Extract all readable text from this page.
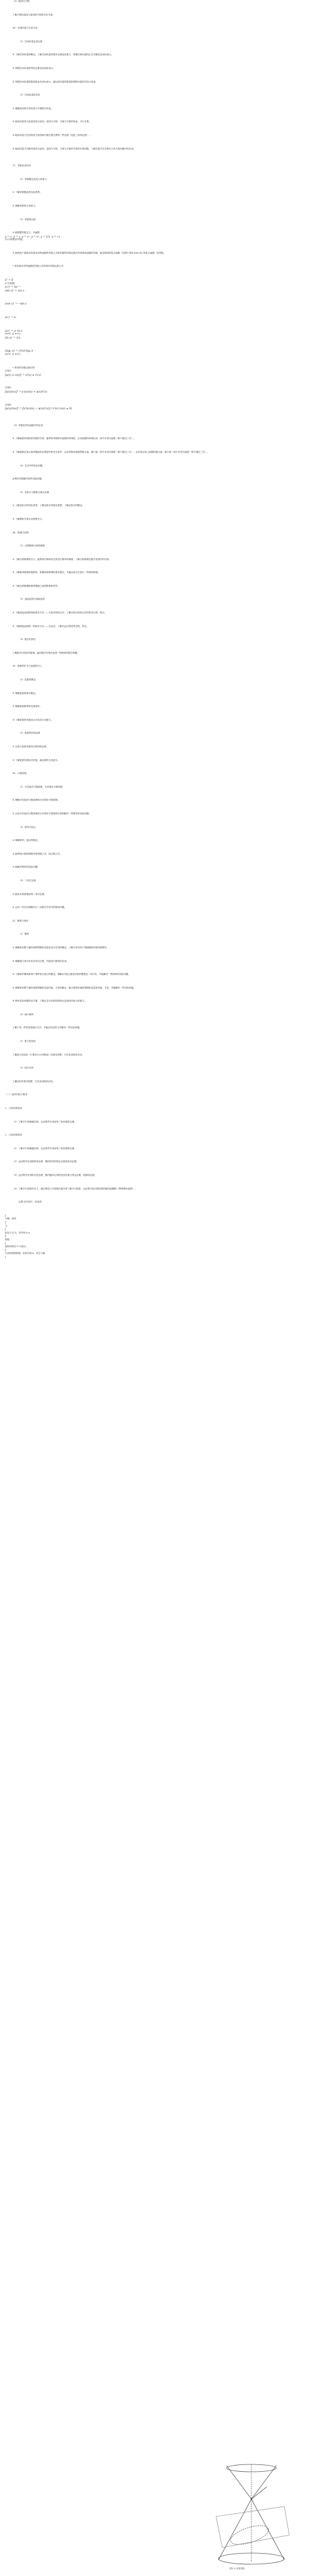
（2）曲线与方程

了解方程的曲线与曲线的方程的对应关系。

16、空间向量与立体几何

（1）空间向量及其运算

① 了解空间向量的概念，了解空间向量的基本定理及其意义，掌握空间向量的正交分解及其坐标表示。

② 掌握空间向量的线性运算及其坐标表示。

③ 掌握空间向量的数量积及其坐标表示，能运用向量的数量积判断向量的共线与垂直。

（2）空间向量的应用

① 理解直线的方向向量与平面的法向量。

② 能用向量语言表述直线与直线、直线与平面、平面与平面的垂直、平行关系。

③ 能用向量方法证明有关直线和平面位置关系的一些定理（包括三垂线定理）。

④ 能用向量方法解决直线与直线、直线与平面、平面与平面的夹角的计算问题，了解向量方法在研究立体几何问题中的应用。

17、导数及其应用

（1）导数概念及其几何意义

① 了解导数概念的实际背景。

② 理解导数的几何意义。

（2）导数的运算

① 能根据导数定义，求函数

y = c, y = x, y = x², y = x³, y = 1/x, y = √x

(1)为常数)的导数。

② 能利用下面给出的基本初等函数的导数公式和导数的四则运算法则求简单函数的导数，能求简单的复合函数（仅限于形如 f(ax+b) 的复合函数）的导数。

• 常见基本初等函数的导数公式和常用导数运算公式：

C' = 0

(C为常数)

(xⁿ)' = nxⁿ⁻¹

(sin x)' = cos x

(cos x)' = −sin x

(eˣ)' = eˣ

(aˣ)' = aˣ ln a

(a>0, 且 a≠1)

(ln x)' = 1/x

(logₐ x)' = (1/x)·logₐ e

(a>0, 且 a≠1)

• 常用的导数运算法则：

法则1:

[u(x) ± v(x)]' = u'(x) ± v'(x)

法则2:

[u(x)v(x)]' = u'(x)v(x) + u(x)v'(x)

法则3:

[u(x)/v(x)]' = [u'(x)v(x) − u(x)v'(x)] / v²(x) (v(x) ≠ 0)

（3）导数在研究函数中的应用

① 了解函数单调性和导数的关系；能利用导数研究函数的单调性，会求函数的单调区间（其中多项式函数一般不超过三次）。

② 了解函数在某点取得极值的必要条件和充分条件；会用导数求函数的极大值、极小值（其中多项式函数一般不超过三次）；会求闭区间上函数的最大值、最小值（其中多项式函数一般不超过三次）。

（4）生活中的优化问题。

会利用导数解决某些实际问题。

（5）定积分与微积分基本定理

① 了解定积分的实际背景，了解定积分的基本思想，了解定积分的概念。

② 了解微积分基本定理的含义。

18、推理与证明

（1）合情推理与演绎推理

① 了解合情推理的含义，能利用归纳和类比等进行简单的推理，了解合情推理在数学发现中的作用。

② 了解演绎推理的重要性，掌握演绎推理的基本模式，并能运用它们进行一些简单推理。

③ 了解合情推理和演绎推理之间的联系和差异。

（2）直接证明与间接证明

① 了解直接证明的两种基本方法——分析法和综合法；了解分析法和综合法的思考过程、特点。

② 了解间接证明的一种基本方法——反证法；了解反证法的思考过程、特点。

（3）数学归纳法

了解数学归纳法的原理，能用数学归纳法证明一些简单的数学命题。

19、数系的扩充与复数的引入

（1）复数的概念

① 理解复数的基本概念。

② 理解复数相等的充要条件。

③ 了解复数的代数表示法及其几何意义。

（2）复数的四则运算

① 会进行复数代数形式的四则运算。

② 了解复数代数形式的加、减运算的几何意义。

20、计数原理

（1）分类加法计数原理、分步乘法计数原理

① 理解分类加法计数原理和分步乘法计数原理。

② 会用分类加法计数原理或分步乘法计数原理分析和解决一些简单的实际问题。

（2）排列与组合

① 理解排列、组合的概念。

② 能利用计数原理推导排列数公式、组合数公式。

③ 能解决简单的实际问题。

（3）二项式定理

① 能用计数原理证明二项式定理。

② 会用二项式定理解决与二项展开式有关的简单问题。

21、概率与统计

（1）概率

① 理解取有限个值的离散型随机变量及其分布列的概念，了解分布列对于刻画随机现象的重要性。

② 理解超几何分布及其导出过程，并能进行简单的应用。

③ 了解条件概率和两个事件相互独立的概念，理解n次独立重复试验的模型及二项分布，并能解决一些简单的实际问题。

④ 理解取有限个值的离散型随机变量均值、方差的概念，能计算简单离散型随机变量的均值、方差，并能解决一些实际问题。

⑤ 利用实际问题的直方图，了解正态分布曲线的特点及曲线所表示的意义。

（2）统计案例

了解下列一些常见的统计方法，并能应用这些方法解决一些实际问题。

（1）独立性检验

了解独立性检验（只要求2×2列联表）的基本思想、方法及其简单应用。

（2）回归分析

了解回归的基本思想、方法及其简单应用。

（二）选考内容与要求

1、几何证明选讲

（1）了解平行线截割定理，会证明并应用直角三角形射影定理。

1、几何证明选讲

（1）了解平行线截割定理，会证明并应用直角三角形射影定理。

（2）会证明并应用圆周角定理、圆的切线的判定定理及性质定理。

（3）会证明并应用相交弦定理、圆内接四边形的性质定理与判定定理、切割线定理。

（4）了解平行投影的含义，通过圆柱与平面的位置关系了解平行投影；会证明平面与圆柱面的截线是椭圆（特殊情形是圆）。

定理 在空间中，取直线

l

为轴，直线

l'

与

l

相交于点 O，其夹角为 α，

l'

围绕

l

旋转得到以 O 为顶点，

l'

为母线的圆锥面，任取平面 π，若它与轴

l

图1-2-1(第1题)
